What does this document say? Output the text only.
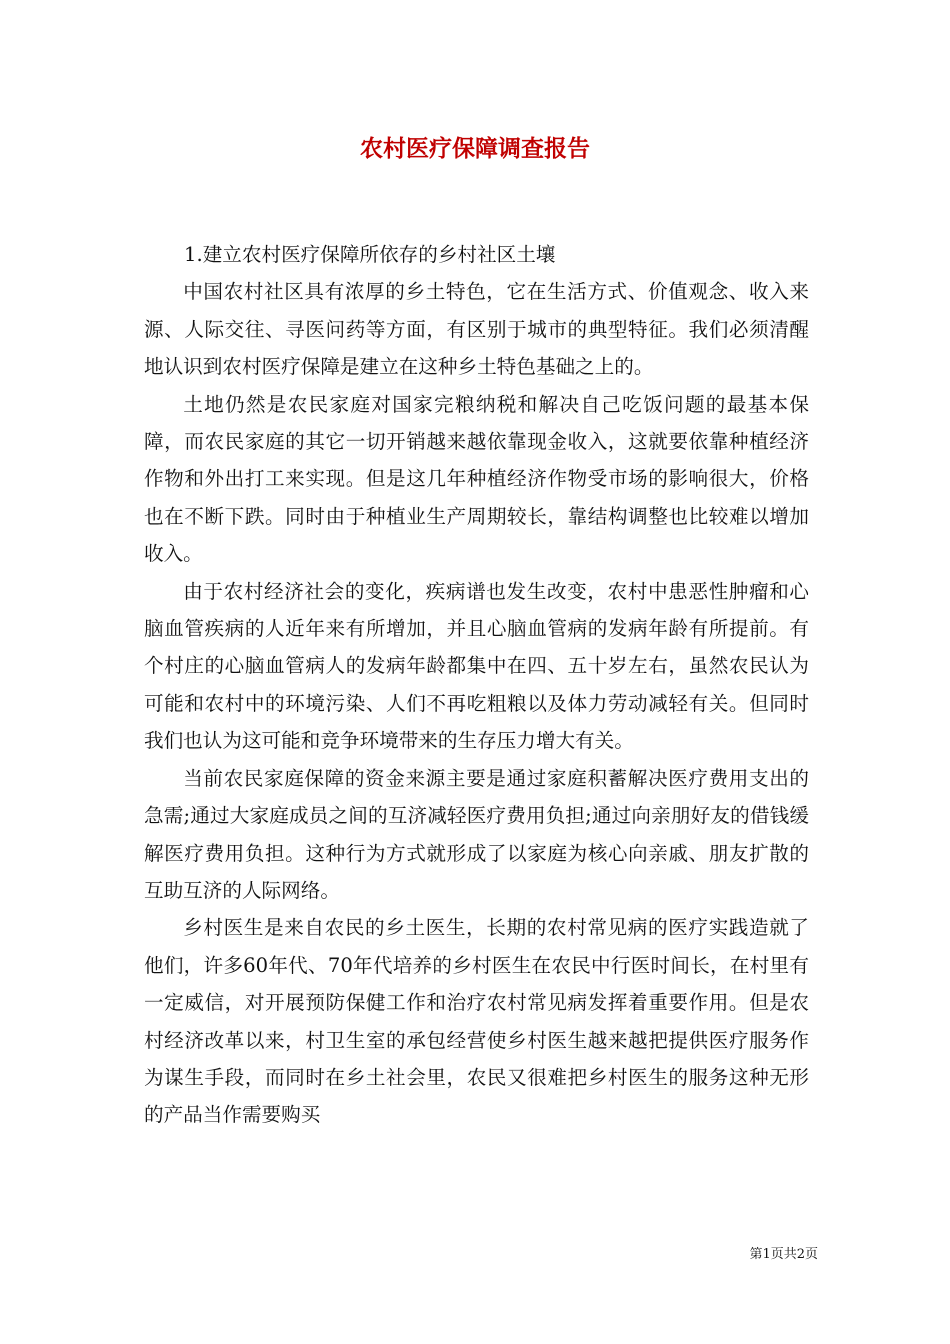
农村医疗保障调查报告

1.建立农村医疗保障所依存的乡村社区土壤

中国农村社区具有浓厚的乡土特色，它在生活方式、价值观念、收入来源、人际交往、寻医问药等方面，有区别于城市的典型特征。我们必须清醒地认识到农村医疗保障是建立在这种乡土特色基础之上的。

土地仍然是农民家庭对国家完粮纳税和解决自己吃饭问题的最基本保障，而农民家庭的其它一切开销越来越依靠现金收入，这就要依靠种植经济作物和外出打工来实现。但是这几年种植经济作物受市场的影响很大，价格也在不断下跌。同时由于种植业生产周期较长，靠结构调整也比较难以增加收入。

由于农村经济社会的变化，疾病谱也发生改变，农村中患恶性肿瘤和心脑血管疾病的人近年来有所增加，并且心脑血管病的发病年龄有所提前。有个村庄的心脑血管病人的发病年龄都集中在四、五十岁左右，虽然农民认为可能和农村中的环境污染、人们不再吃粗粮以及体力劳动减轻有关。但同时我们也认为这可能和竞争环境带来的生存压力增大有关。

当前农民家庭保障的资金来源主要是通过家庭积蓄解决医疗费用支出的急需;通过大家庭成员之间的互济减轻医疗费用负担;通过向亲朋好友的借钱缓解医疗费用负担。这种行为方式就形成了以家庭为核心向亲戚、朋友扩散的互助互济的人际网络。

乡村医生是来自农民的乡土医生，长期的农村常见病的医疗实践造就了他们，许多60年代、70年代培养的乡村医生在农民中行医时间长，在村里有一定威信，对开展预防保健工作和治疗农村常见病发挥着重要作用。但是农村经济改革以来，村卫生室的承包经营使乡村医生越来越把提供医疗服务作为谋生手段，而同时在乡土社会里，农民又很难把乡村医生的服务这种无形的产品当作需要购买

第1页共2页
